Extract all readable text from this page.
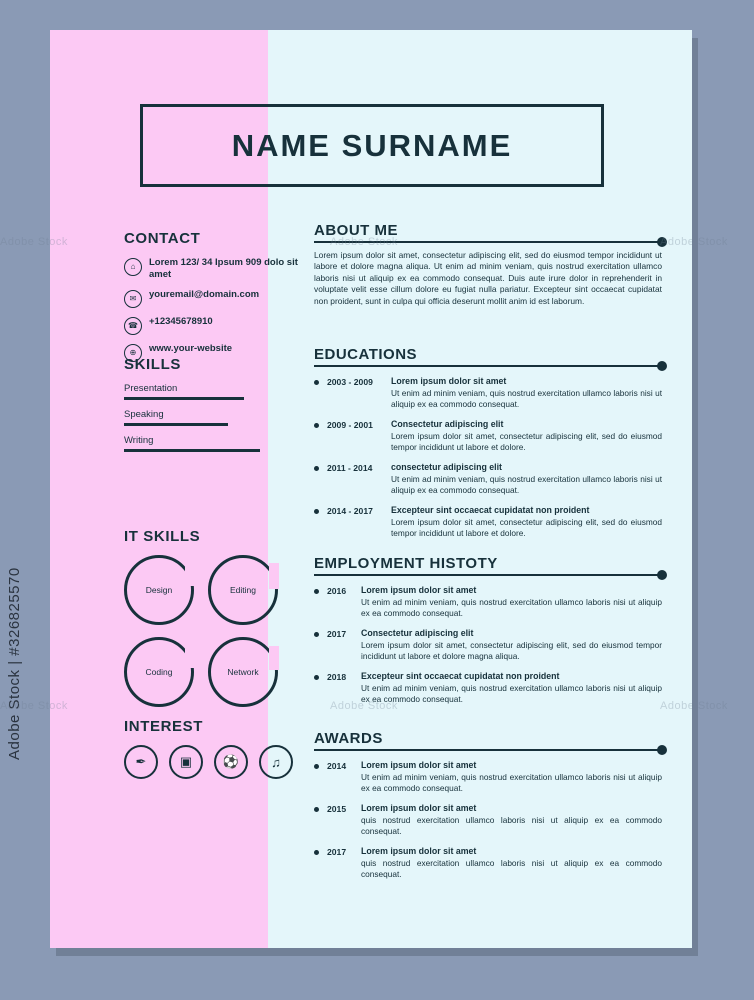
Adobe Stock | #326825570
NAME SURNAME
CONTACT
⌂	Lorem 123/ 34 Ipsum 909 dolo sit amet
✉	youremail@domain.com
☎	+12345678910
⊕	www.your-website
SKILLS
Presentation
Speaking
Writing
IT SKILLS
Design	Editing
Coding	Network
INTEREST
✒	▣	⚽	♫
ABOUT ME
Lorem ipsum dolor sit amet, consectetur adipiscing elit, sed do eiusmod tempor incididunt ut labore et dolore magna aliqua. Ut enim ad minim veniam, quis nostrud exercitation ullamco laboris nisi ut aliquip ex ea commodo consequat. Duis aute irure dolor in reprehenderit in voluptate velit esse cillum dolore eu fugiat nulla pariatur. Excepteur sint occaecat cupidatat non proident, sunt in culpa qui officia deserunt mollit anim id est laborum.
EDUCATIONS
2003 - 2009	Lorem ipsum dolor sit amet
Ut enim ad minim veniam, quis nostrud exercitation ullamco laboris nisi ut aliquip ex ea commodo consequat.
2009 - 2001	Consectetur adipiscing elit
Lorem ipsum dolor sit amet, consectetur adipiscing elit, sed do eiusmod tempor incididunt ut labore et dolore.
2011 - 2014	consectetur adipiscing elit
Ut enim ad minim veniam, quis nostrud exercitation ullamco laboris nisi ut aliquip ex ea commodo consequat.
2014 - 2017	Excepteur sint occaecat cupidatat non proident
Lorem ipsum dolor sit amet, consectetur adipiscing elit, sed do eiusmod tempor incididunt ut labore et dolore.
EMPLOYMENT HISTOTY
2016	Lorem ipsum dolor sit amet
Ut enim ad minim veniam, quis nostrud exercitation ullamco laboris nisi ut aliquip ex ea commodo consequat.
2017	Consectetur adipiscing elit
Lorem ipsum dolor sit amet, consectetur adipiscing elit, sed do eiusmod tempor incididunt ut labore et dolore magna aliqua.
2018	Excepteur sint occaecat cupidatat non proident
Ut enim ad minim veniam, quis nostrud exercitation ullamco laboris nisi ut aliquip ex ea commodo consequat.
AWARDS
2014	Lorem ipsum dolor sit amet
Ut enim ad minim veniam, quis nostrud exercitation ullamco laboris nisi ut aliquip ex ea commodo consequat.
2015	Lorem ipsum dolor sit amet
quis nostrud exercitation ullamco laboris nisi ut aliquip ex ea commodo consequat.
2017	Lorem ipsum dolor sit amet
quis nostrud exercitation ullamco laboris nisi ut aliquip ex ea commodo consequat.
Adobe Stock	Adobe Stock	Adobe Stock
Adobe Stock	Adobe Stock	Adobe Stock
